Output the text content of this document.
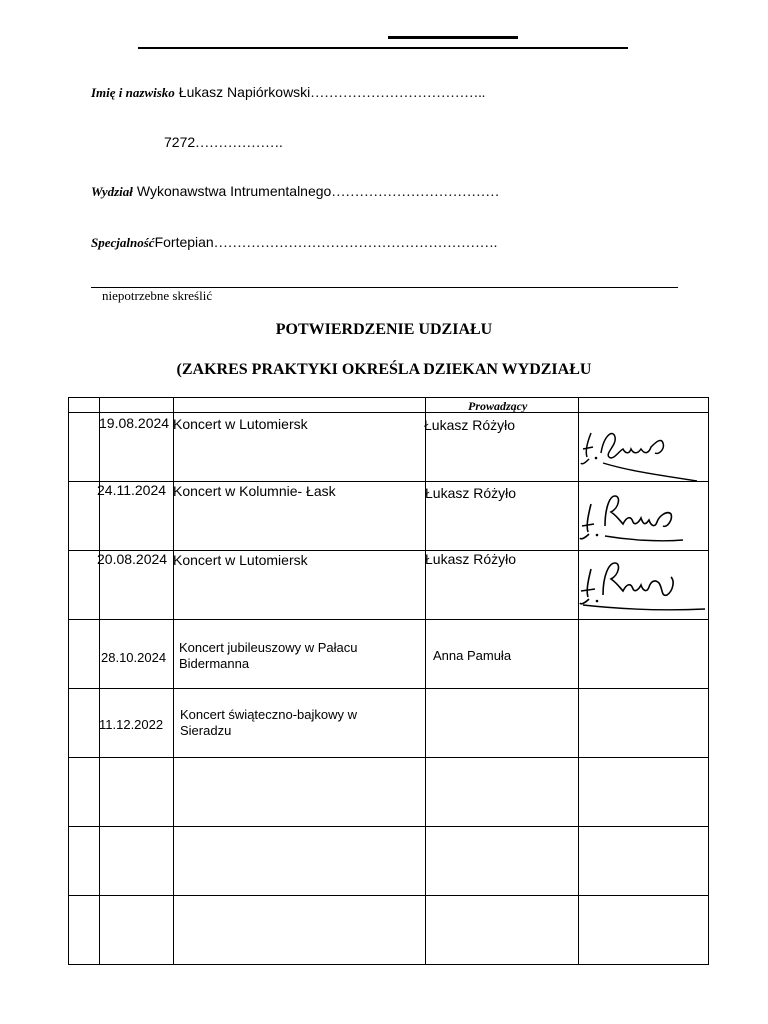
Imię i nazwisko Łukasz Napiórkowski………………………………..
7272……………….
Wydział Wykonawstwa Intrumentalnego………………………………
SpecjalnośćFortepian…………………………………………………….
niepotrzebne skreślić
POTWIERDZENIE UDZIAŁU
(ZAKRES PRAKTYKI OKREŚLA DZIEKAN WYDZIAŁU

			Prowadzący	

	19.08.2024	Koncert w Lutomiersk	Łukasz Różyło

	24.11.2024	Koncert w Kolumnie- Łask	Łukasz Różyło

	20.08.2024	Koncert w Lutomiersk	Łukasz Różyło

	28.10.2024	Koncert jubileuszowy w Pałacu Bidermanna	Anna Pamuła	

	11.12.2022	Koncert świąteczno-bajkowy w Sieradzu		
